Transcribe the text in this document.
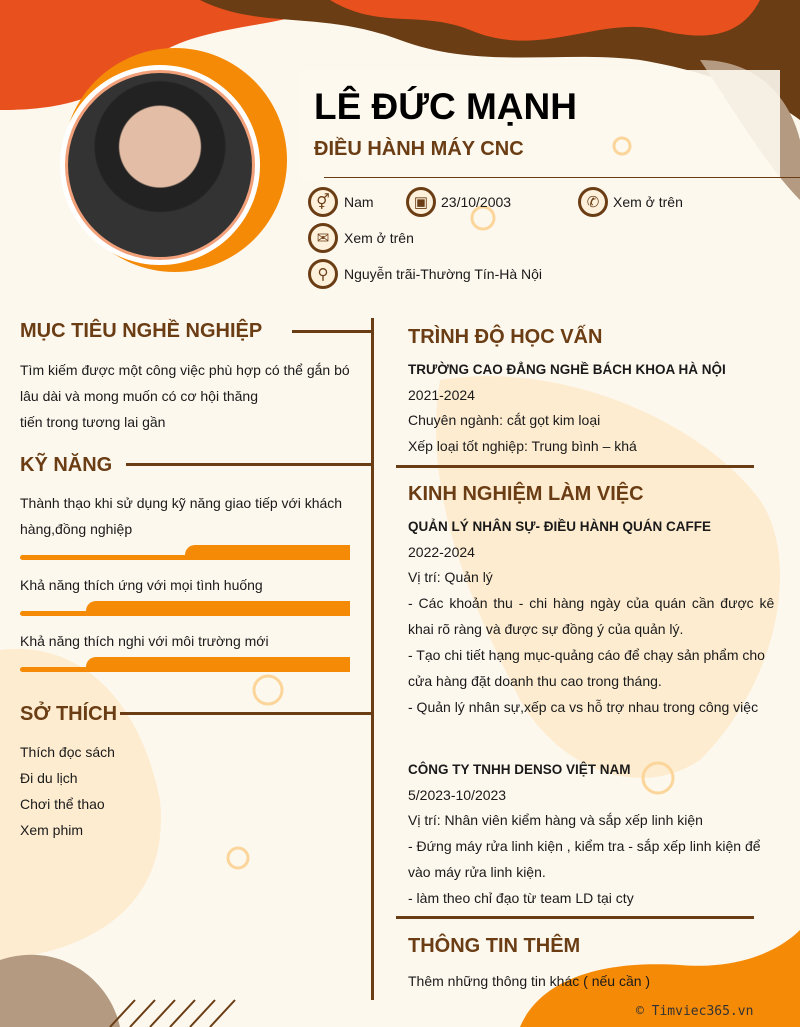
LÊ ĐỨC MẠNH
ĐIỀU HÀNH MÁY CNC
⚥	Nam	▣ 23/10/2003	✆ Xem ở trên
✉	Xem ở trên
⚲	Nguyễn trãi-Thường Tín-Hà Nội
MỤC TIÊU NGHỀ NGHIỆP
Tìm kiếm được một công việc phù hợp có thể gắn bó
lâu dài và mong muốn có cơ hội thăng
tiến trong tương lai gần
KỸ NĂNG
Thành thạo khi sử dụng kỹ năng giao tiếp với khách
hàng,đồng nghiệp
Khả năng thích ứng với mọi tình huống
Khả năng thích nghi với môi trường mới
SỞ THÍCH
Thích đọc sách
Đi du lịch
Chơi thể thao
Xem phim
TRÌNH ĐỘ HỌC VẤN
TRƯỜNG CAO ĐẲNG NGHỀ BÁCH KHOA HÀ NỘI
2021-2024
Chuyên ngành: cắt gọt kim loại
Xếp loại tốt nghiệp: Trung bình – khá
KINH NGHIỆM LÀM VIỆC
QUẢN LÝ NHÂN SỰ- ĐIỀU HÀNH QUÁN CAFFE
2022-2024
Vị trí: Quản lý
- Các khoản thu - chi hàng ngày của quán cần được kê
khai rõ ràng và được sự đồng ý của quản lý.
- Tạo chi tiết hạng mục-quảng cáo để chạy sản phẩm cho
cửa hàng đặt doanh thu cao trong tháng.
- Quản lý nhân sự,xếp ca vs hỗ trợ nhau trong công việc
CÔNG TY TNHH DENSO VIỆT NAM
5/2023-10/2023
Vị trí: Nhân viên kiểm hàng và sắp xếp linh kiện
- Đứng máy rửa linh kiện , kiểm tra - sắp xếp linh kiện để
vào máy rửa linh kiện.
- làm theo chỉ đạo từ team LD tại cty
THÔNG TIN THÊM
Thêm những thông tin khác ( nếu cần )
© Timviec365.vn
